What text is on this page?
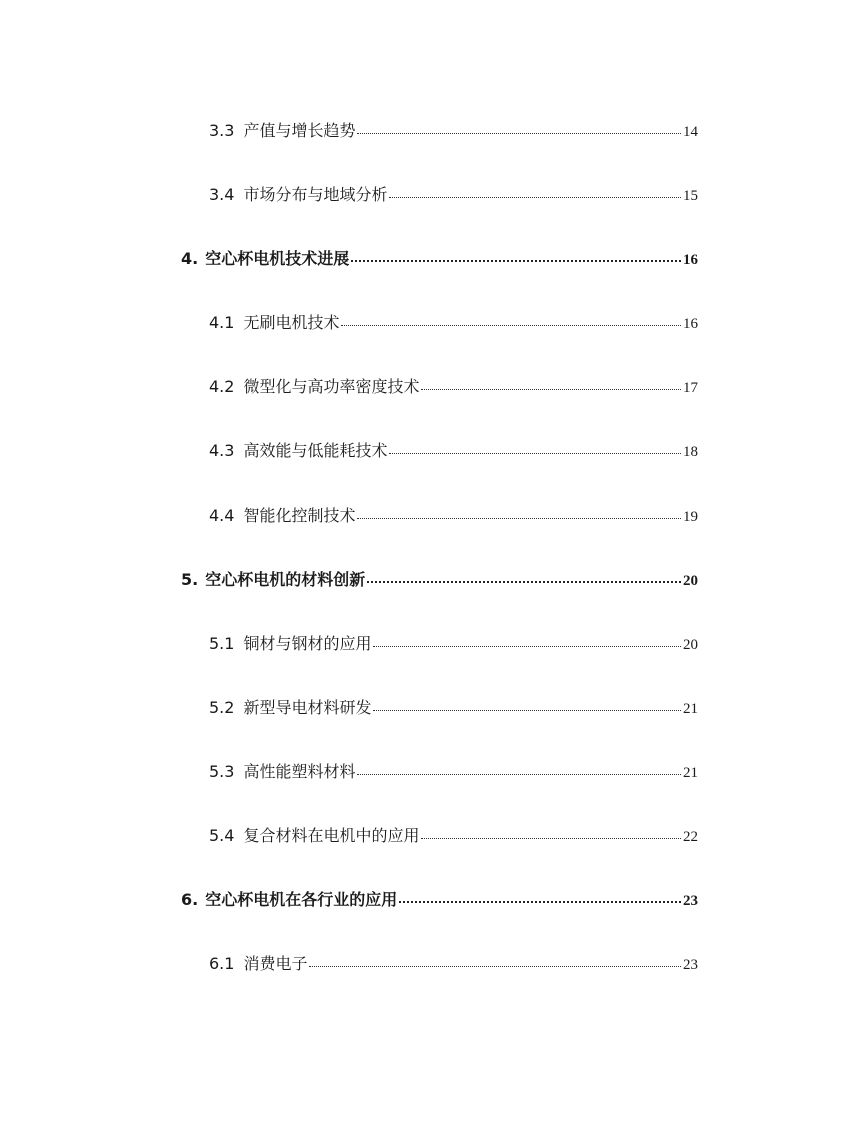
3.3 产值与增长趋势	14
3.4 市场分布与地域分析	15
4. 空心杯电机技术进展	16
4.1 无刷电机技术	16
4.2 微型化与高功率密度技术	17
4.3 高效能与低能耗技术	18
4.4 智能化控制技术	19
5. 空心杯电机的材料创新	20
5.1 铜材与钢材的应用	20
5.2 新型导电材料研发	21
5.3 高性能塑料材料	21
5.4 复合材料在电机中的应用	22
6. 空心杯电机在各行业的应用	23
6.1 消费电子	23
